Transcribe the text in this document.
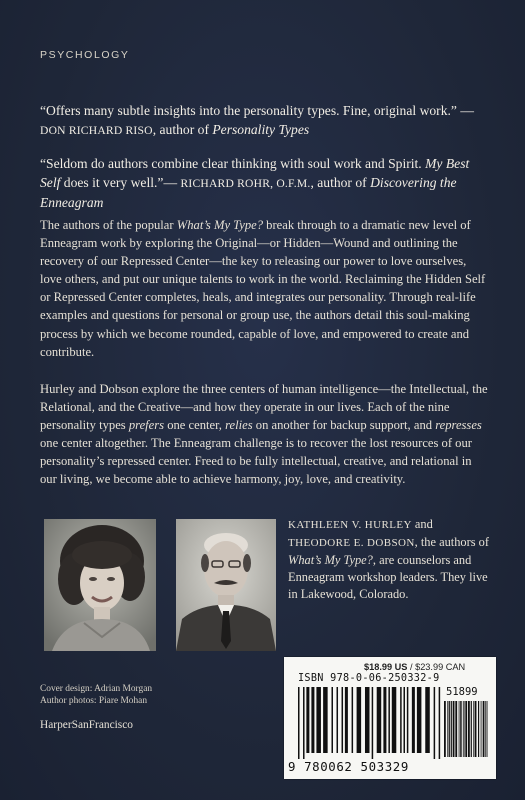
PSYCHOLOGY
“Offers many subtle insights into the personality types. Fine, original work.” — DON RICHARD RISO, author of Personality Types
“Seldom do authors combine clear thinking with soul work and Spirit. My Best Self does it very well.”— RICHARD ROHR, O.F.M., author of Discovering the Enneagram
The authors of the popular What’s My Type? break through to a dramatic new level of Enneagram work by exploring the Original—or Hidden—Wound and outlining the recovery of our Repressed Center—the key to releasing our power to love ourselves, love others, and put our unique talents to work in the world. Reclaiming the Hidden Self or Repressed Center completes, heals, and integrates our personality. Through real-life examples and questions for personal or group use, the authors detail this soul-making process by which we become rounded, capable of love, and empowered to create and contribute.
Hurley and Dobson explore the three centers of human intelligence—the Intellectual, the Relational, and the Creative—and how they operate in our lives. Each of the nine personality types prefers one center, relies on another for backup support, and represses one center altogether. The Enneagram challenge is to recover the lost resources of our personality’s repressed center. Freed to be fully intellectual, creative, and relational in our living, we become able to achieve harmony, joy, love, and creativity.
KATHLEEN V. HURLEY and THEODORE E. DOBSON, the authors of What’s My Type?, are counselors and Enneagram workshop leaders. They live in Lakewood, Colorado.
Cover design: Adrian Morgan
Author photos: Piare Mohan
HarperSanFrancisco
$18.99 US / $23.99 CAN
ISBN 978-0-06-250332-9
51899
9 780062 503329
